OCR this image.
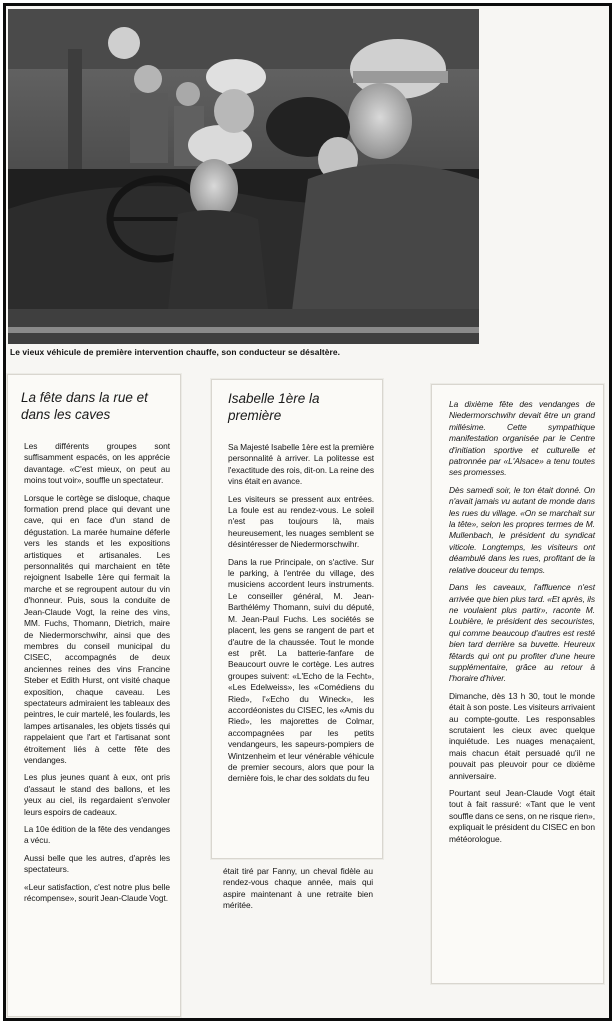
Le vieux véhicule de première intervention chauffe, son conducteur se désaltère.
La fête dans la rue et dans les caves

Les différents groupes sont suffisamment espacés, on les apprécie davantage. «C'est mieux, on peut au moins tout voir», souffle un spectateur.

Lorsque le cortège se disloque, chaque formation prend place qui devant une cave, qui en face d'un stand de dégustation. La marée humaine déferle vers les stands et les expositions artistiques et artisanales. Les personnalités qui marchaient en tête rejoignent Isabelle 1ère qui fermait la marche et se regroupent autour du vin d'honneur. Puis, sous la conduite de Jean-Claude Vogt, la reine des vins, MM. Fuchs, Thomann, Dietrich, maire de Niedermorschwihr, ainsi que des membres du conseil municipal du CISEC, accompagnés de deux anciennes reines des vins Francine Steber et Edith Hurst, ont visité chaque exposition, chaque caveau. Les spectateurs admiraient les tableaux des peintres, le cuir martelé, les foulards, les lampes artisanales, les objets tissés qui rappelaient que l'art et l'artisanat sont étroitement liés à cette fête des vendanges.

Les plus jeunes quant à eux, ont pris d'assaut le stand des ballons, et les yeux au ciel, ils regardaient s'envoler leurs espoirs de cadeaux.

La 10e édition de la fête des vendanges a vécu.

Aussi belle que les autres, d'après les spectateurs.

«Leur satisfaction, c'est notre plus belle récompense», sourit Jean-Claude Vogt.

Isabelle 1ère la première

Sa Majesté Isabelle 1ère est la première personnalité à arriver. La politesse est l'exactitude des rois, dit-on. La reine des vins était en avance.

Les visiteurs se pressent aux entrées. La foule est au rendez-vous. Le soleil n'est pas toujours là, mais heureusement, les nuages semblent se désintéresser de Niedermorschwihr.

Dans la rue Principale, on s'active. Sur le parking, à l'entrée du village, des musiciens accordent leurs instruments. Le conseiller général, M. Jean-Barthélémy Thomann, suivi du député, M. Jean-Paul Fuchs. Les sociétés se placent, les gens se rangent de part et d'autre de la chaussée. Tout le monde est prêt. La batterie-fanfare de Beaucourt ouvre le cortège. Les autres groupes suivent: «L'Echo de la Fecht», «Les Edelweiss», les «Comédiens du Ried», l'«Echo du Wineck», les accordéonistes du CISEC, les «Amis du Ried», les majorettes de Colmar, accompagnées par les petits vendangeurs, les sapeurs-pompiers de Wintzenheim et leur vénérable véhicule de premier secours, alors que pour la dernière fois, le char des soldats du feu

était tiré par Fanny, un cheval fidèle au rendez-vous chaque année, mais qui aspire maintenant à une retraite bien méritée.

La dixième fête des vendanges de Niedermorschwihr devait être un grand millésime. Cette sympathique manifestation organisée par le Centre d'initiation sportive et culturelle et patronnée par «L'Alsace» a tenu toutes ses promesses.

Dès samedi soir, le ton était donné. On n'avait jamais vu autant de monde dans les rues du village. «On se marchait sur la tête», selon les propres termes de M. Mullenbach, le président du syndicat viticole. Longtemps, les visiteurs ont déambulé dans les rues, profitant de la relative douceur du temps.

Dans les caveaux, l'affluence n'est arrivée que bien plus tard. «Et après, ils ne voulaient plus partir», raconte M. Loubière, le président des secouristes, qui comme beaucoup d'autres est resté bien tard derrière sa buvette. Heureux fêtards qui ont pu profiter d'une heure supplémentaire, grâce au retour à l'horaire d'hiver.

Dimanche, dès 13 h 30, tout le monde était à son poste. Les visiteurs arrivaient au compte-goutte. Les responsables scrutaient les cieux avec quelque inquiétude. Les nuages menaçaient, mais chacun était persuadé qu'il ne pouvait pas pleuvoir pour ce dixième anniversaire.

Pourtant seul Jean-Claude Vogt était tout à fait rassuré: «Tant que le vent souffle dans ce sens, on ne risque rien», expliquait le président du CISEC en bon météorologue.
